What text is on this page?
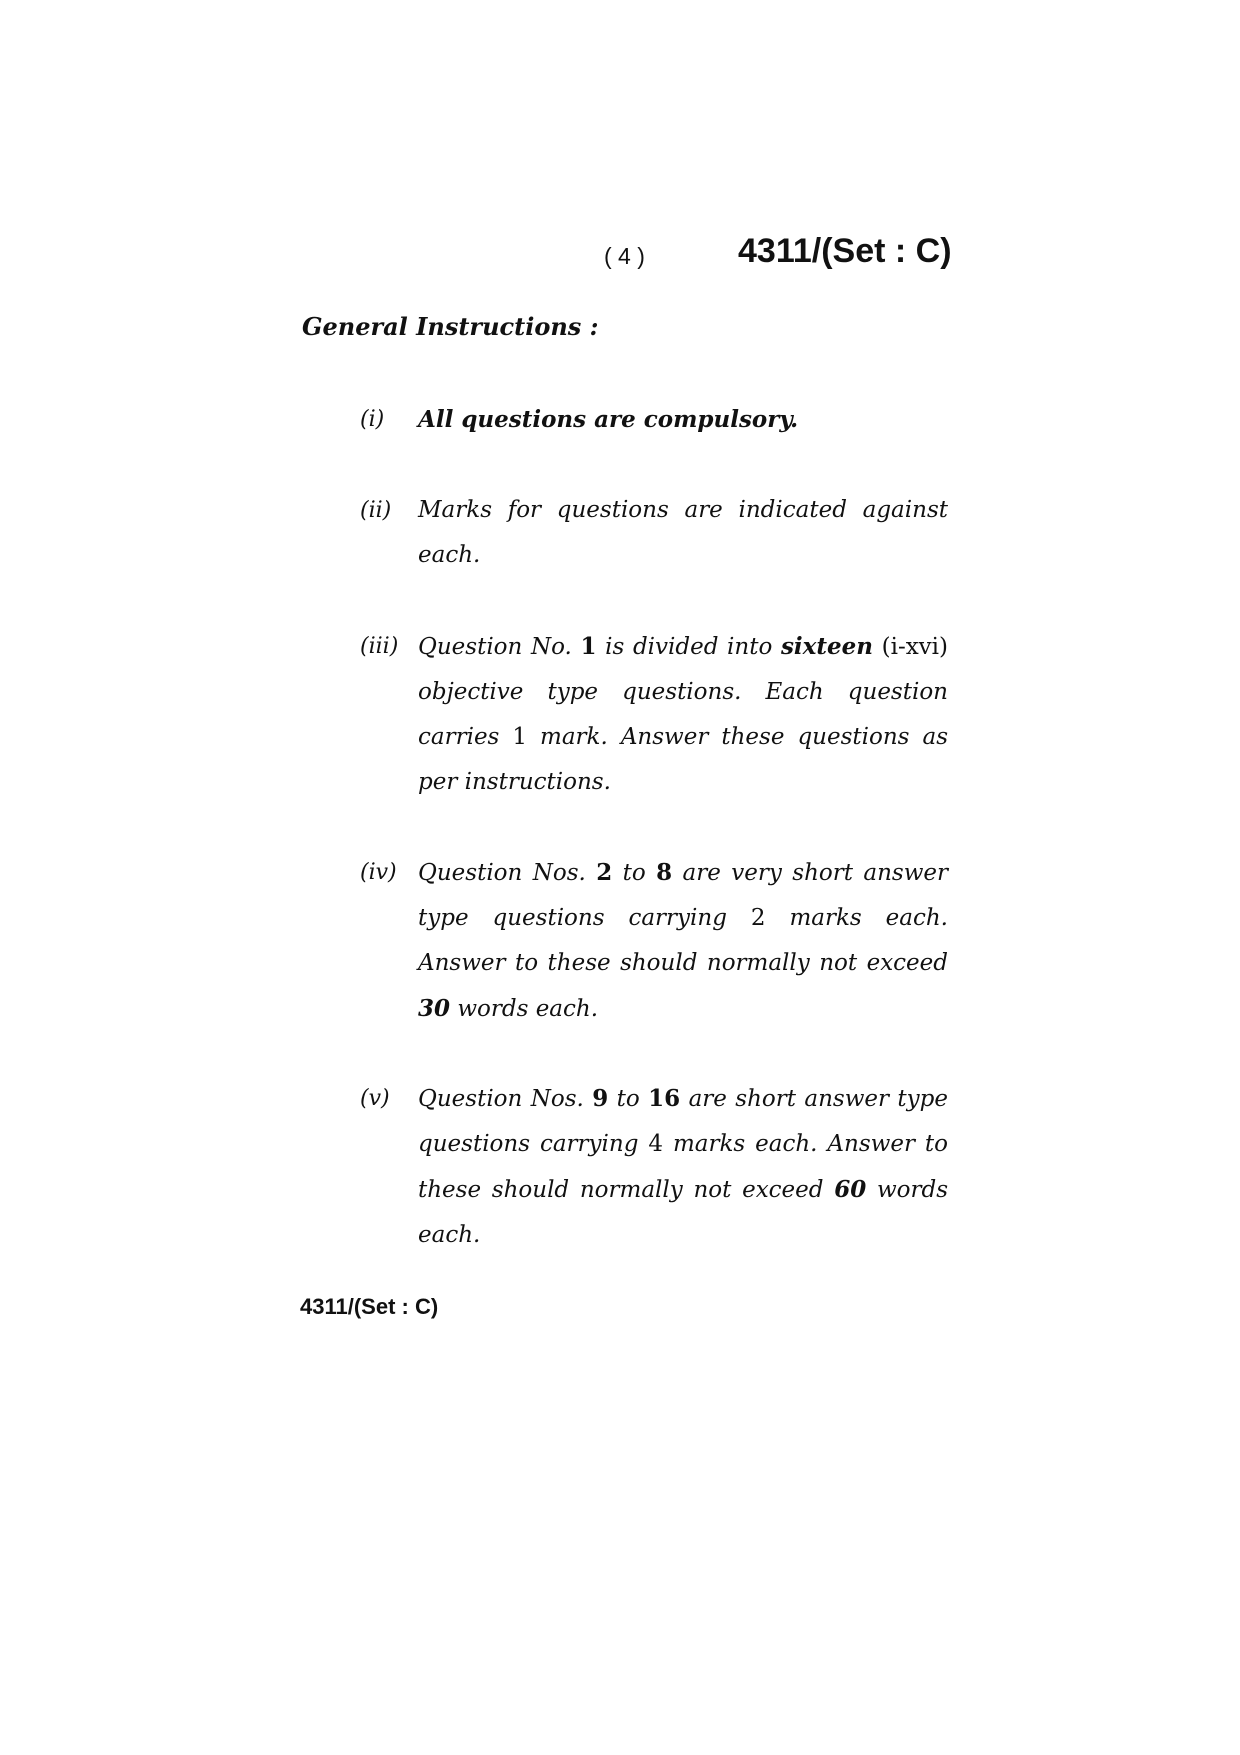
( 4 )	4311/(Set : C)
General Instructions :
(i) All questions are compulsory.
(ii) Marks for questions are indicated against each.
(iii) Question No. 1 is divided into sixteen (i-xvi) objective type questions. Each question carries 1 mark. Answer these questions as per instructions.
(iv) Question Nos. 2 to 8 are very short answer type questions carrying 2 marks each. Answer to these should normally not exceed 30 words each.
(v) Question Nos. 9 to 16 are short answer type questions carrying 4 marks each. Answer to these should normally not exceed 60 words each.
4311/(Set : C)
